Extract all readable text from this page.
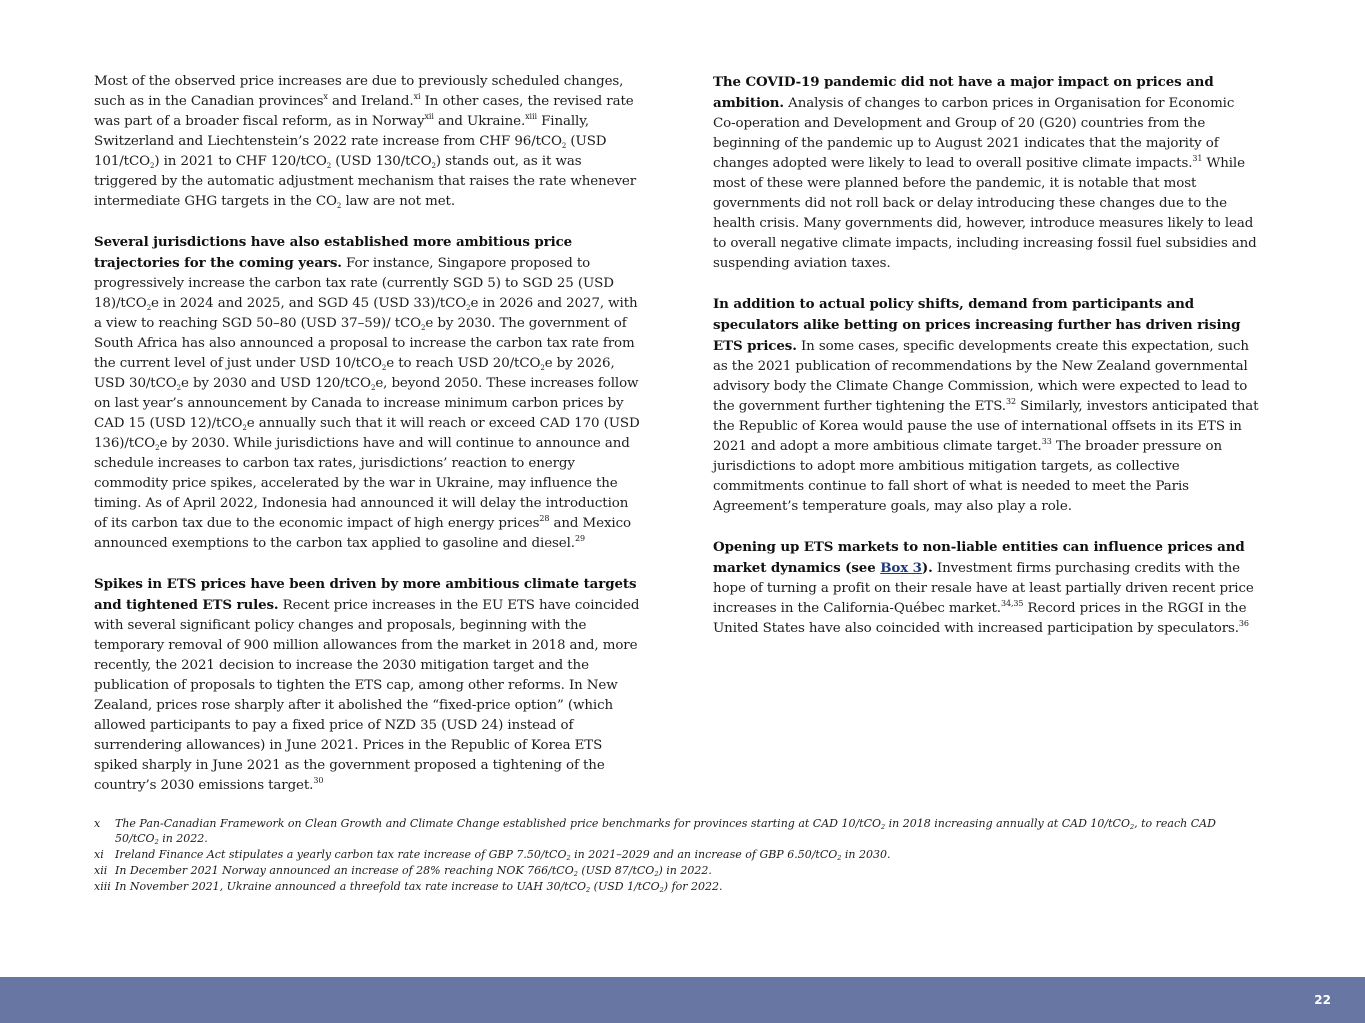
Most of the observed price increases are due to previously scheduled changes, such as in the Canadian provinces$^x$ and Ireland.$^{xi}$ In other cases, the revised rate was part of a broader fiscal reform, as in Norway$^{xii}$ and Ukraine.$^{xiii}$ Finally, Switzerland and Liechtenstein’s 2022 rate increase from CHF 96/tCO$_2$ (USD 101/tCO$_2$) in 2021 to CHF 120/tCO$_2$ (USD 130/tCO$_2$) stands out, as it was triggered by the automatic adjustment mechanism that raises the rate whenever intermediate GHG targets in the $CO_2$ law are not met.

Several jurisdictions have also established more ambitious price trajectories for the coming years. For instance, Singapore proposed to progressively increase the carbon tax rate (currently SGD 5) to SGD 25 (USD 18)/tCO$_2$e in 2024 and 2025, and SGD 45 (USD 33)/tCO$_2$e in 2026 and 2027, with a view to reaching SGD 50–80 (USD 37–59)/ tCO$_2$e by 2030. The government of South Africa has also announced a proposal to increase the carbon tax rate from the current level of just under USD 10/tCO$_2$e to reach USD 20/tCO$_2$e by 2026, USD 30/tCO$_2$e by 2030 and USD 120/tCO$_2$e, beyond 2050. These increases follow on last year’s announcement by Canada to increase minimum carbon prices by CAD 15 (USD 12)/tCO$_2$e annually such that it will reach or exceed CAD 170 (USD 136)/tCO$_2$e by 2030. While jurisdictions have and will continue to announce and schedule increases to carbon tax rates, jurisdictions’ reaction to energy commodity price spikes, accelerated by the war in Ukraine, may influence the timing. As of April 2022, Indonesia had announced it will delay the introduction of its carbon tax due to the economic impact of high energy prices$^{28}$ and Mexico announced exemptions to the carbon tax applied to gasoline and diesel.$^{29}$

Spikes in ETS prices have been driven by more ambitious climate targets and tightened ETS rules. Recent price increases in the EU ETS have coincided with several significant policy changes and proposals, beginning with the temporary removal of 900 million allowances from the market in 2018 and, more recently, the 2021 decision to increase the 2030 mitigation target and the publication of proposals to tighten the ETS cap, among other reforms. In New Zealand, prices rose sharply after it abolished the “fixed-price option” (which allowed participants to pay a fixed price of NZD 35 (USD 24) instead of surrendering allowances) in June 2021. Prices in the Republic of Korea ETS spiked sharply in June 2021 as the government proposed a tightening of the country’s 2030 emissions target.$^{30}$

The COVID-19 pandemic did not have a major impact on prices and ambition. Analysis of changes to carbon prices in Organisation for Economic Co-operation and Development and Group of 20 (G20) countries from the beginning of the pandemic up to August 2021 indicates that the majority of changes adopted were likely to lead to overall positive climate impacts.$^{31}$ While most of these were planned before the pandemic, it is notable that most governments did not roll back or delay introducing these changes due to the health crisis. Many governments did, however, introduce measures likely to lead to overall negative climate impacts, including increasing fossil fuel subsidies and suspending aviation taxes.

In addition to actual policy shifts, demand from participants and speculators alike betting on prices increasing further has driven rising ETS prices. In some cases, specific developments create this expectation, such as the 2021 publication of recommendations by the New Zealand governmental advisory body the Climate Change Commission, which were expected to lead to the government further tightening the ETS.$^{32}$ Similarly, investors anticipated that the Republic of Korea would pause the use of international offsets in its ETS in 2021 and adopt a more ambitious climate target.$^{33}$ The broader pressure on jurisdictions to adopt more ambitious mitigation targets, as collective commitments continue to fall short of what is needed to meet the Paris Agreement’s temperature goals, may also play a role.

Opening up ETS markets to non-liable entities can influence prices and market dynamics (see Box 3). Investment firms purchasing credits with the hope of turning a profit on their resale have at least partially driven recent price increases in the California-Québec market.$^{34,35}$ Record prices in the RGGI in the United States have also coincided with increased participation by speculators.$^{36}$

x	The Pan-Canadian Framework on Clean Growth and Climate Change established price benchmarks for provinces starting at CAD 10/tCO$_2$ in 2018 increasing annually at CAD 10/tCO$_2$, to reach CAD 50/tCO$_2$ in 2022.
xi	Ireland Finance Act stipulates a yearly carbon tax rate increase of GBP 7.50/tCO$_2$ in 2021–2029 and an increase of GBP 6.50/tCO$_2$ in 2030.
xii In December 2021 Norway announced an increase of 28% reaching NOK 766/tCO$_2$ (USD 87/tCO$_2$) in 2022.
xiii In November 2021, Ukraine announced a threefold tax rate increase to UAH 30/tCO$_2$ (USD 1/tCO$_2$) for 2022.
22
